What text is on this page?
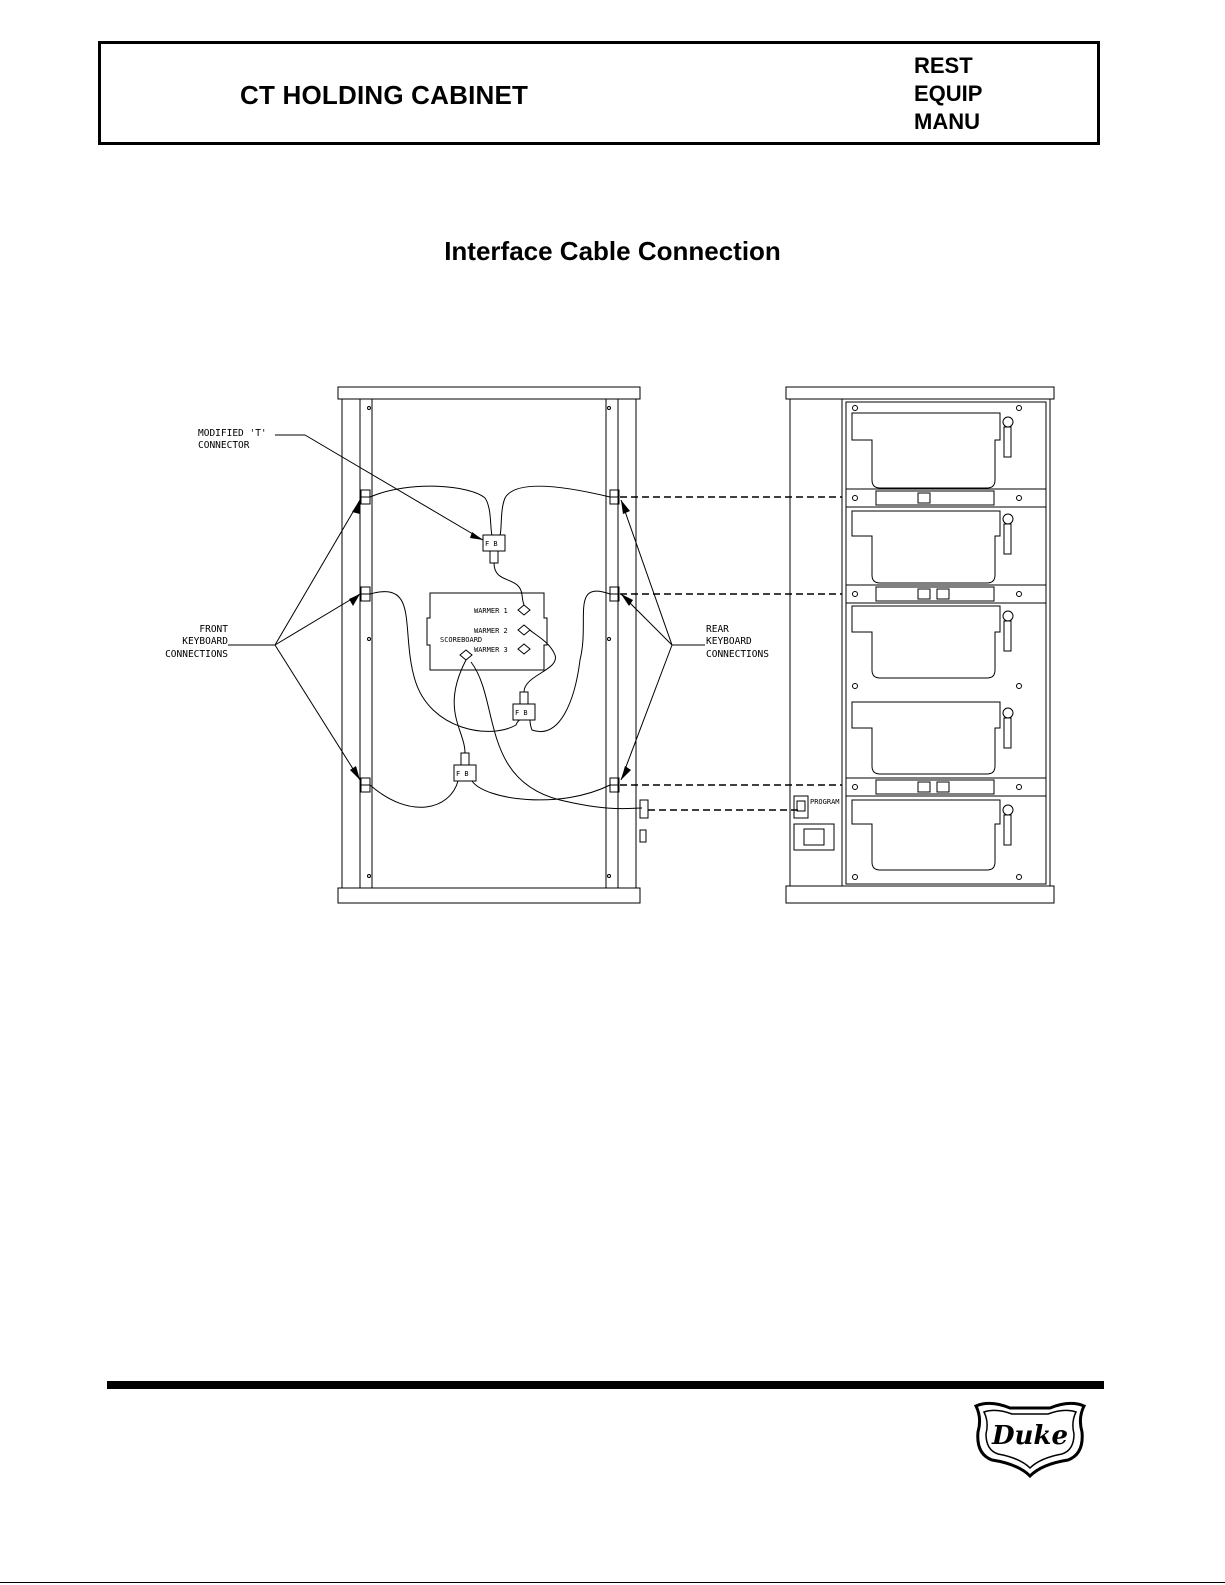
CT HOLDING CABINET
REST
EQUIP
MANU
Interface Cable Connection
MODIFIED 'T'
CONNECTOR
FRONT
KEYBOARD
CONNECTIONS
REAR
KEYBOARD
CONNECTIONS
WARMER 1
WARMER 2
WARMER 3
SCOREBOARD
F B
F B
F B
PROGRAM
Duke
